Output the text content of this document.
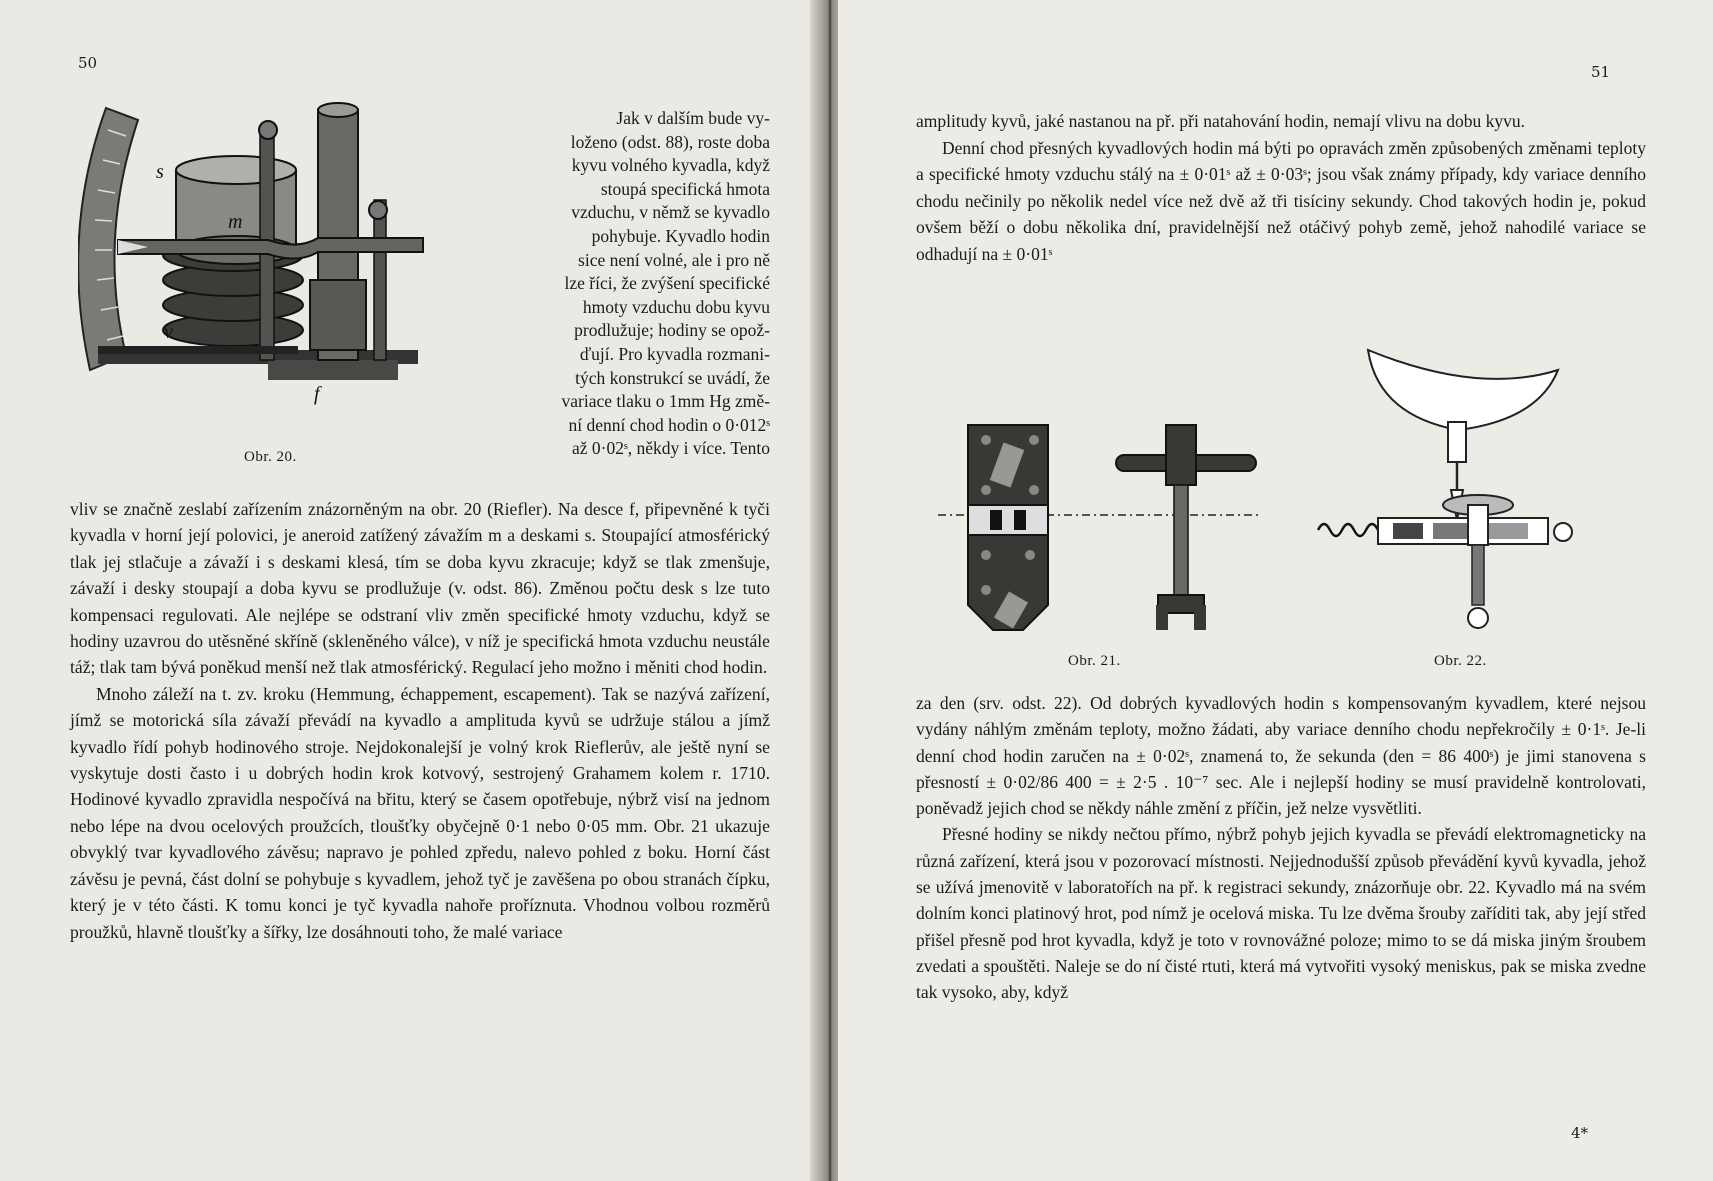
50
s
m
v
f
Obr. 20.
Jak v dalším bude vy-
loženo (odst. 88), roste doba
kyvu volného kyvadla, když
stoupá specifická hmota
vzduchu, v němž se kyvadlo
pohybuje. Kyvadlo hodin
sice není volné, ale i pro ně
lze říci, že zvýšení specifické
hmoty vzduchu dobu kyvu
prodlužuje; hodiny se opož-
ďují. Pro kyvadla rozmani-
tých konstrukcí se uvádí, že
variace tlaku o 1mm Hg změ-
ní denní chod hodin o 0·012ˢ
až 0·02ˢ, někdy i více. Tento

vliv se značně zeslabí zařízením znázorněným na obr. 20 (Riefler). Na desce f, připevněné k tyči kyvadla v horní její polovici, je aneroid zatížený závažím m a deskami s. Stoupající atmosférický tlak jej stlačuje a závaží i s deskami klesá, tím se doba kyvu zkracuje; když se tlak zmenšuje, závaží i desky stoupají a doba kyvu se prodlužuje (v. odst. 86). Změnou počtu desk s lze tuto kompensaci regulovati. Ale nejlépe se odstraní vliv změn specifické hmoty vzduchu, když se hodiny uzavrou do utěsněné skříně (skleněného válce), v níž je specifická hmota vzduchu neustále táž; tlak tam bývá poněkud menší než tlak atmosférický. Regulací jeho možno i měniti chod hodin.

Mnoho záleží na t. zv. kroku (Hemmung, échappement, escapement). Tak se nazývá zařízení, jímž se motorická síla závaží převádí na kyvadlo a amplituda kyvů se udržuje stálou a jímž kyvadlo řídí pohyb hodinového stroje. Nejdokonalejší je volný krok Rieflerův, ale ještě nyní se vyskytuje dosti často i u dobrých hodin krok kotvový, sestrojený Grahamem kolem r. 1710. Hodinové kyvadlo zpravidla nespočívá na břitu, který se časem opotřebuje, nýbrž visí na jednom nebo lépe na dvou ocelových proužcích, tloušťky obyčejně 0·1 nebo 0·05 mm. Obr. 21 ukazuje obvyklý tvar kyvadlového závěsu; napravo je pohled zpředu, nalevo pohled z boku. Horní část závěsu je pevná, část dolní se pohybuje s kyvadlem, jehož tyč je zavěšena po obou stranách čípku, který je v této části. K tomu konci je tyč kyvadla nahoře proříznuta. Vhodnou volbou rozměrů proužků, hlavně tloušťky a šířky, lze dosáhnouti toho, že malé variace

51

amplitudy kyvů, jaké nastanou na př. při natahování hodin, nemají vlivu na dobu kyvu.

Denní chod přesných kyvadlových hodin má býti po opravách změn způsobených změnami teploty a specifické hmoty vzduchu stálý na ± 0·01ˢ až ± 0·03ˢ; jsou však známy případy, kdy variace denního chodu nečinily po několik nedel více než dvě až tři tisíciny sekundy. Chod takových hodin je, pokud ovšem běží o dobu několika dní, pravidelnější než otáčivý pohyb země, jehož nahodilé variace se odhadují na ± 0·01ˢ

Obr. 21.	Obr. 22.

za den (srv. odst. 22). Od dobrých kyvadlových hodin s kompensovaným kyvadlem, které nejsou vydány náhlým změnám teploty, možno žádati, aby variace denního chodu nepřekročily ± 0·1ˢ. Je-li denní chod hodin zaručen na ± 0·02ˢ, znamená to, že sekunda (den = 86 400ˢ) je jimi stanovena s přesností ± 0·02/86 400 = ± 2·5 . 10⁻⁷ sec. Ale i nejlepší hodiny se musí pravidelně kontrolovati, poněvadž jejich chod se někdy náhle změní z příčin, jež nelze vysvětliti.

Přesné hodiny se nikdy nečtou přímo, nýbrž pohyb jejich kyvadla se převádí elektromagneticky na různá zařízení, která jsou v pozorovací místnosti. Nejjednodušší způsob převádění kyvů kyvadla, jehož se užívá jmenovitě v laboratořích na př. k registraci sekundy, znázorňuje obr. 22. Kyvadlo má na svém dolním konci platinový hrot, pod nímž je ocelová miska. Tu lze dvěma šrouby zaříditi tak, aby její střed přišel přesně pod hrot kyvadla, když je toto v rovnovážné poloze; mimo to se dá miska jiným šroubem zvedati a spouštěti. Naleje se do ní čisté rtuti, která má vytvořiti vysoký meniskus, pak se miska zvedne tak vysoko, aby, když

4*
